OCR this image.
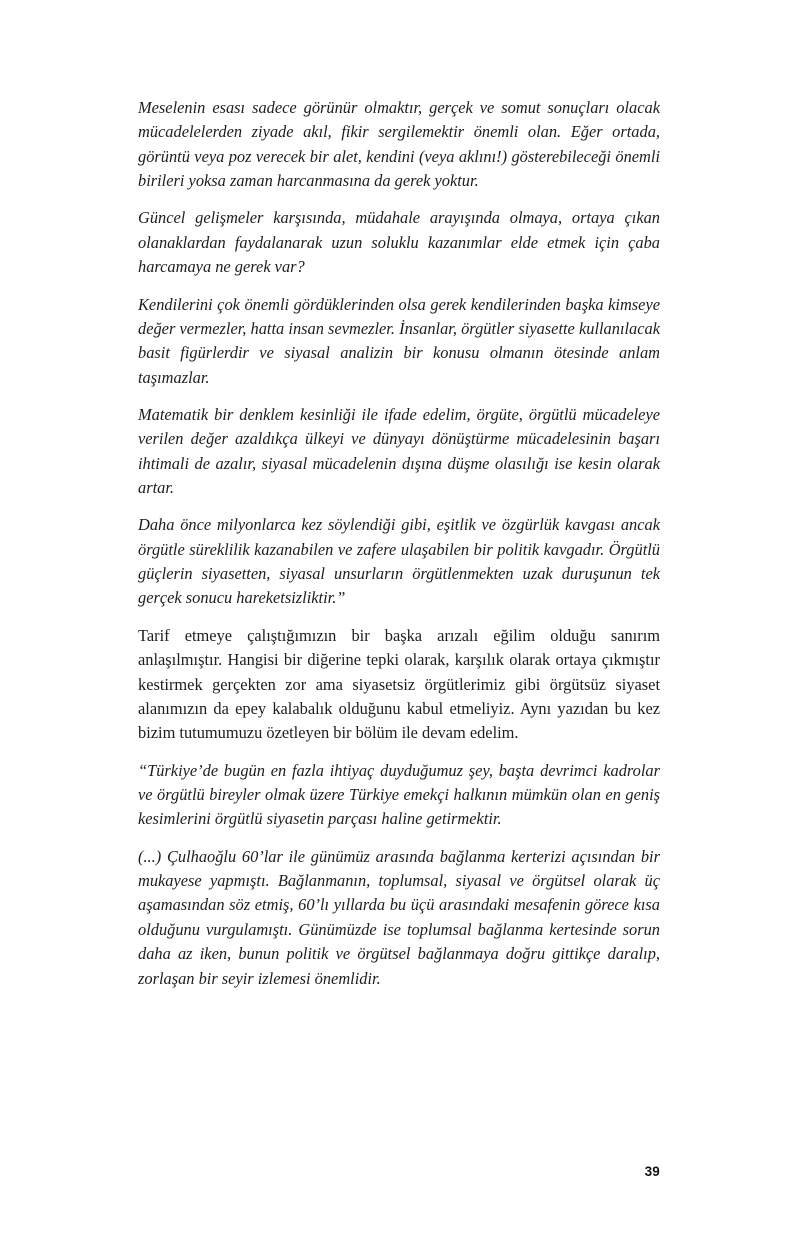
Meselenin esası sadece görünür olmaktır, gerçek ve somut sonuçları olacak mücadelelerden ziyade akıl, fikir sergilemektir önemli olan. Eğer ortada, görüntü veya poz verecek bir alet, kendini (veya aklını!) gösterebileceği önemli birileri yoksa zaman harcanmasına da gerek yoktur.

Güncel gelişmeler karşısında, müdahale arayışında olmaya, ortaya çıkan olanaklardan faydalanarak uzun soluklu kazanımlar elde etmek için çaba harcamaya ne gerek var?

Kendilerini çok önemli gördüklerinden olsa gerek kendilerinden başka kimseye değer vermezler, hatta insan sevmezler. İnsanlar, örgütler siyasette kullanılacak basit figürlerdir ve siyasal analizin bir konusu olmanın ötesinde anlam taşımazlar.

Matematik bir denklem kesinliği ile ifade edelim, örgüte, örgütlü mücadeleye verilen değer azaldıkça ülkeyi ve dünyayı dönüştürme mücadelesinin başarı ihtimali de azalır, siyasal mücadelenin dışına düşme olasılığı ise kesin olarak artar.

Daha önce milyonlarca kez söylendiği gibi, eşitlik ve özgürlük kavgası ancak örgütle süreklilik kazanabilen ve zafere ulaşabilen bir politik kavgadır. Örgütlü güçlerin siyasetten, siyasal unsurların örgütlenmekten uzak duruşunun tek gerçek sonucu hareketsizliktir.”

Tarif etmeye çalıştığımızın bir başka arızalı eğilim olduğu sanırım anlaşılmıştır. Hangisi bir diğerine tepki olarak, karşılık olarak ortaya çıkmıştır kestirmek gerçekten zor ama siyasetsiz örgütlerimiz gibi örgütsüz siyaset alanımızın da epey kalabalık olduğunu kabul etmeliyiz. Aynı yazıdan bu kez bizim tutumumuzu özetleyen bir bölüm ile devam edelim.

“Türkiye’de bugün en fazla ihtiyaç duyduğumuz şey, başta devrimci kadrolar ve örgütlü bireyler olmak üzere Türkiye emekçi halkının mümkün olan en geniş kesimlerini örgütlü siyasetin parçası haline getirmektir.

(...) Çulhaoğlu 60’lar ile günümüz arasında bağlanma kerterizi açısından bir mukayese yapmıştı. Bağlanmanın, toplumsal, siyasal ve örgütsel olarak üç aşamasından söz etmiş, 60’lı yıllarda bu üçü arasındaki mesafenin görece kısa olduğunu vurgulamıştı. Günümüzde ise toplumsal bağlanma kertesinde sorun daha az iken, bunun politik ve örgütsel bağlanmaya doğru gittikçe daralıp, zorlaşan bir seyir izlemesi önemlidir.

39
